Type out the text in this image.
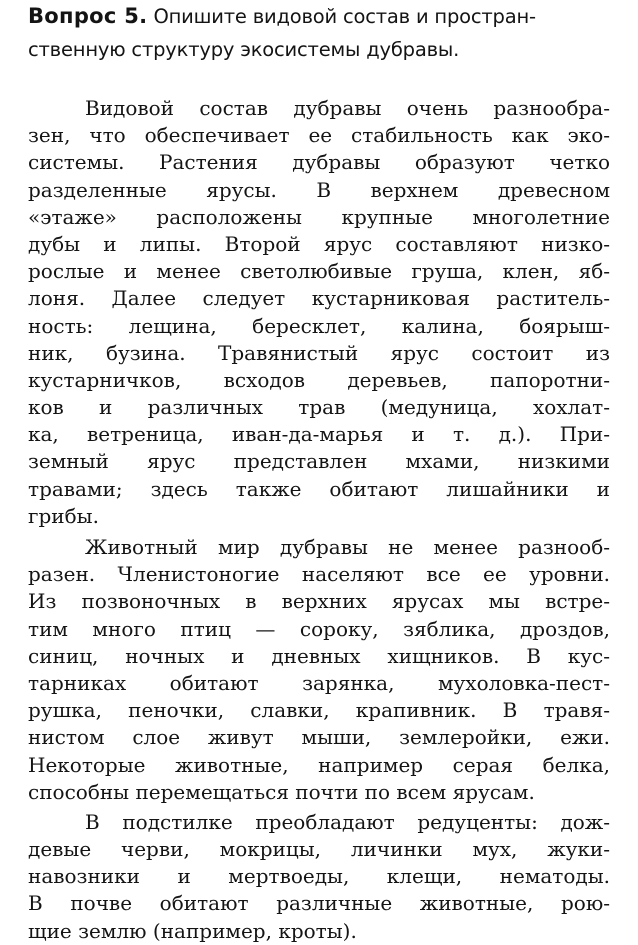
Вопрос 5. Опишите видовой состав и простран-
ственную структуру экосистемы дубравы.
Видовой состав дубравы очень разнообра-
зен, что обеспечивает ее стабильность как эко-
системы. Растения дубравы образуют четко
разделенные ярусы. В верхнем древесном
«этаже» расположены крупные многолетние
дубы и липы. Второй ярус составляют низко-
рослые и менее светолюбивые груша, клен, яб-
лоня. Далее следует кустарниковая раститель-
ность: лещина, бересклет, калина, боярыш-
ник, бузина. Травянистый ярус состоит из
кустарничков, всходов деревьев, папоротни-
ков и различных трав (медуница, хохлат-
ка, ветреница, иван-да-марья и т. д.). При-
земный ярус представлен мхами, низкими
травами; здесь также обитают лишайники и
грибы.
Животный мир дубравы не менее разнооб-
разен. Членистоногие населяют все ее уровни.
Из позвоночных в верхних ярусах мы встре-
тим много птиц — сороку, зяблика, дроздов,
синиц, ночных и дневных хищников. В кус-
тарниках обитают зарянка, мухоловка-пест-
рушка, пеночки, славки, крапивник. В травя-
нистом слое живут мыши, землеройки, ежи.
Некоторые животные, например серая белка,
способны перемещаться почти по всем ярусам.
В подстилке преобладают редуценты: дож-
девые черви, мокрицы, личинки мух, жуки-
навозники и мертвоеды, клещи, нематоды.
В почве обитают различные животные, рою-
щие землю (например, кроты).
